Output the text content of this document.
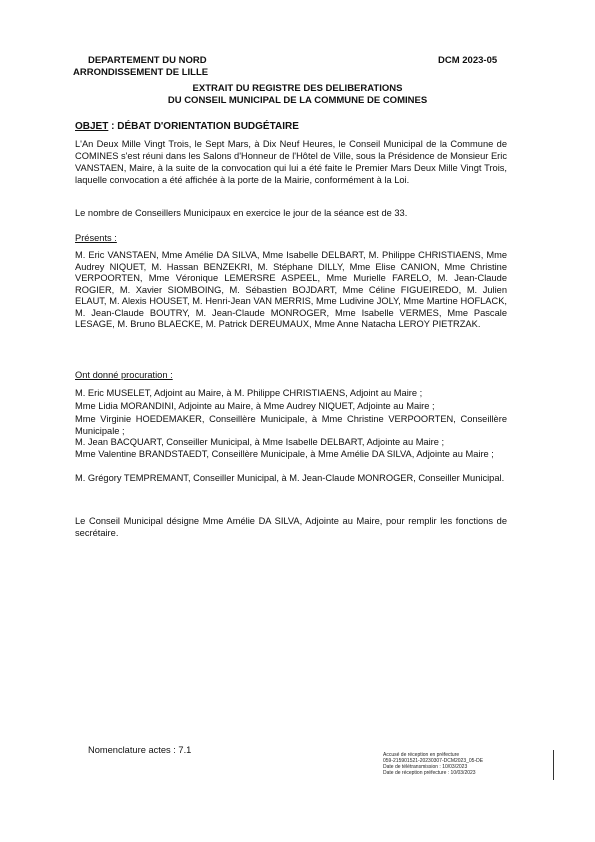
DEPARTEMENT DU NORD
ARRONDISSEMENT DE LILLE
DCM 2023-05
EXTRAIT DU REGISTRE DES DELIBERATIONS
DU CONSEIL MUNICIPAL DE LA COMMUNE DE COMINES
OBJET : DÉBAT D'ORIENTATION BUDGÉTAIRE
L'An Deux Mille Vingt Trois, le Sept Mars, à Dix Neuf Heures, le Conseil Municipal de la Commune de COMINES s'est réuni dans les Salons d'Honneur de l'Hôtel de Ville, sous la Présidence de Monsieur Eric VANSTAEN, Maire, à la suite de la convocation qui lui a été faite le Premier Mars Deux Mille Vingt Trois, laquelle convocation a été affichée à la porte de la Mairie, conformément à la Loi.
Le nombre de Conseillers Municipaux en exercice le jour de la séance est de 33.
Présents :
M. Eric VANSTAEN, Mme Amélie DA SILVA, Mme Isabelle DELBART, M. Philippe CHRISTIAENS, Mme Audrey NIQUET, M. Hassan BENZEKRI, M. Stéphane DILLY, Mme Elise CANION, Mme Christine VERPOORTEN, Mme Véronique LEMERSRE ASPEEL, Mme Murielle FARELO, M. Jean-Claude ROGIER, M. Xavier SIOMBOING, M. Sébastien BOJDART, Mme Céline FIGUEIREDO, M. Julien ELAUT, M. Alexis HOUSET, M. Henri-Jean VAN MERRIS, Mme Ludivine JOLY, Mme Martine HOFLACK, M. Jean-Claude BOUTRY, M. Jean-Claude MONROGER, Mme Isabelle VERMES, Mme Pascale LESAGE, M. Bruno BLAECKE, M. Patrick DEREUMAUX, Mme Anne Natacha LEROY PIETRZAK.
Ont donné procuration :
M. Eric MUSELET, Adjoint au Maire, à M. Philippe CHRISTIAENS, Adjoint au Maire ;
Mme Lidia MORANDINI, Adjointe au Maire, à Mme Audrey NIQUET, Adjointe au Maire ;
Mme Virginie HOEDEMAKER, Conseillère Municipale, à Mme Christine VERPOORTEN, Conseillère Municipale ;
M. Jean BACQUART, Conseiller Municipal, à Mme Isabelle DELBART, Adjointe au Maire ;
Mme Valentine BRANDSTAEDT, Conseillère Municipale, à Mme Amélie DA SILVA, Adjointe au Maire ;
M. Grégory TEMPREMANT, Conseiller Municipal, à M. Jean-Claude MONROGER, Conseiller Municipal.
Le Conseil Municipal désigne Mme Amélie DA SILVA, Adjointe au Maire, pour remplir les fonctions de secrétaire.
Nomenclature actes : 7.1	Accusé de réception en préfecture
059-215901521-20230307-DCM2023_05-DE
Date de télétransmission : 10/03/2023
Date de réception préfecture : 10/03/2023
